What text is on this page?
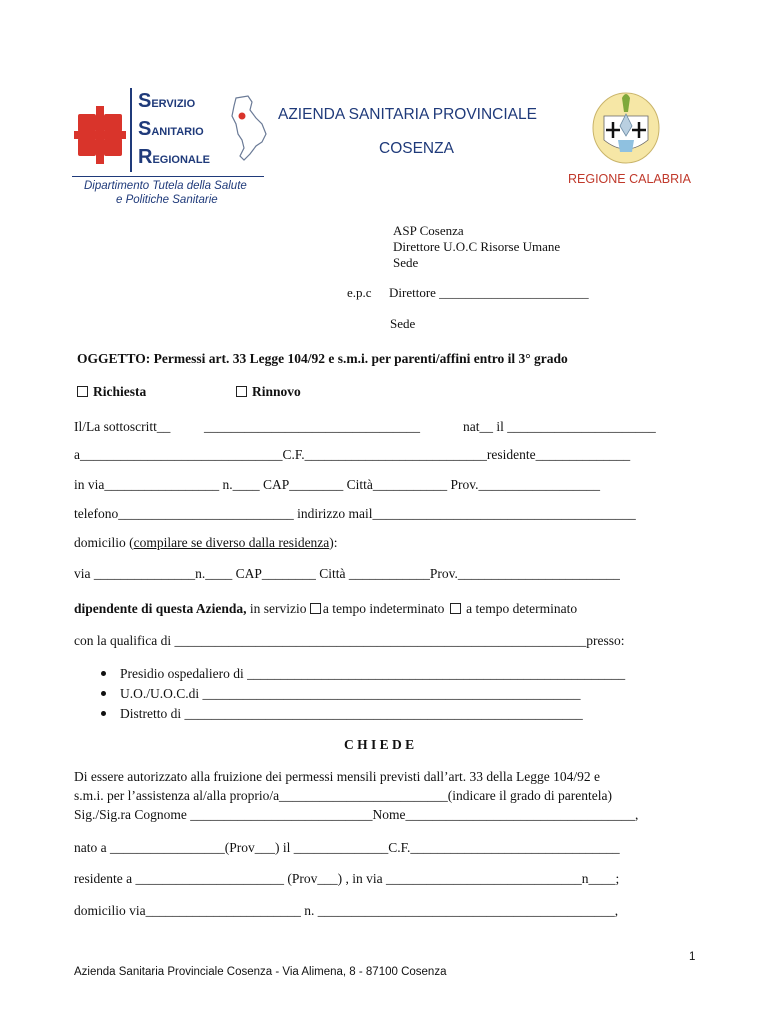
SERVIZIO
SANITARIO
REGIONALE
Dipartimento Tutela della Salute
e Politiche Sanitarie
AZIENDA SANITARIA PROVINCIALE
COSENZA
REGIONE CALABRIA
ASP Cosenza
Direttore U.O.C Risorse Umane
Sede
e.p.c Direttore _______________________
Sede
OGGETTO: Permessi art. 33 Legge 104/92 e s.m.i. per parenti/affini entro il 3° grado
Richiesta	Rinnovo
Il/La sottoscritt__ ________________________________	nat__ il ______________________
a______________________________C.F.___________________________residente______________
in via_________________ n.____ CAP________ Città___________ Prov.__________________
telefono__________________________ indirizzo mail_______________________________________
domicilio (compilare se diverso dalla residenza):
via _______________n.____ CAP________ Città ____________Prov.________________________
dipendente di questa Azienda, in servizio a tempo indeterminato  a tempo determinato
con la qualifica di _____________________________________________________________presso:
Presidio ospedaliero di ________________________________________________________
U.O./U.O.C.di ________________________________________________________
Distretto di ___________________________________________________________
C H I E D E
Di essere autorizzato alla fruizione dei permessi mensili previsti dall’art. 33 della Legge 104/92 e
s.m.i. per l’assistenza al/alla proprio/a_________________________(indicare il grado di parentela)
Sig./Sig.ra Cognome ___________________________Nome__________________________________,
nato a _________________(Prov___) il ______________C.F._______________________________
residente a ______________________ (Prov___) , in via _____________________________n____;
domicilio via_______________________ n. ____________________________________________,
1
Azienda Sanitaria Provinciale Cosenza - Via Alimena, 8 - 87100 Cosenza
